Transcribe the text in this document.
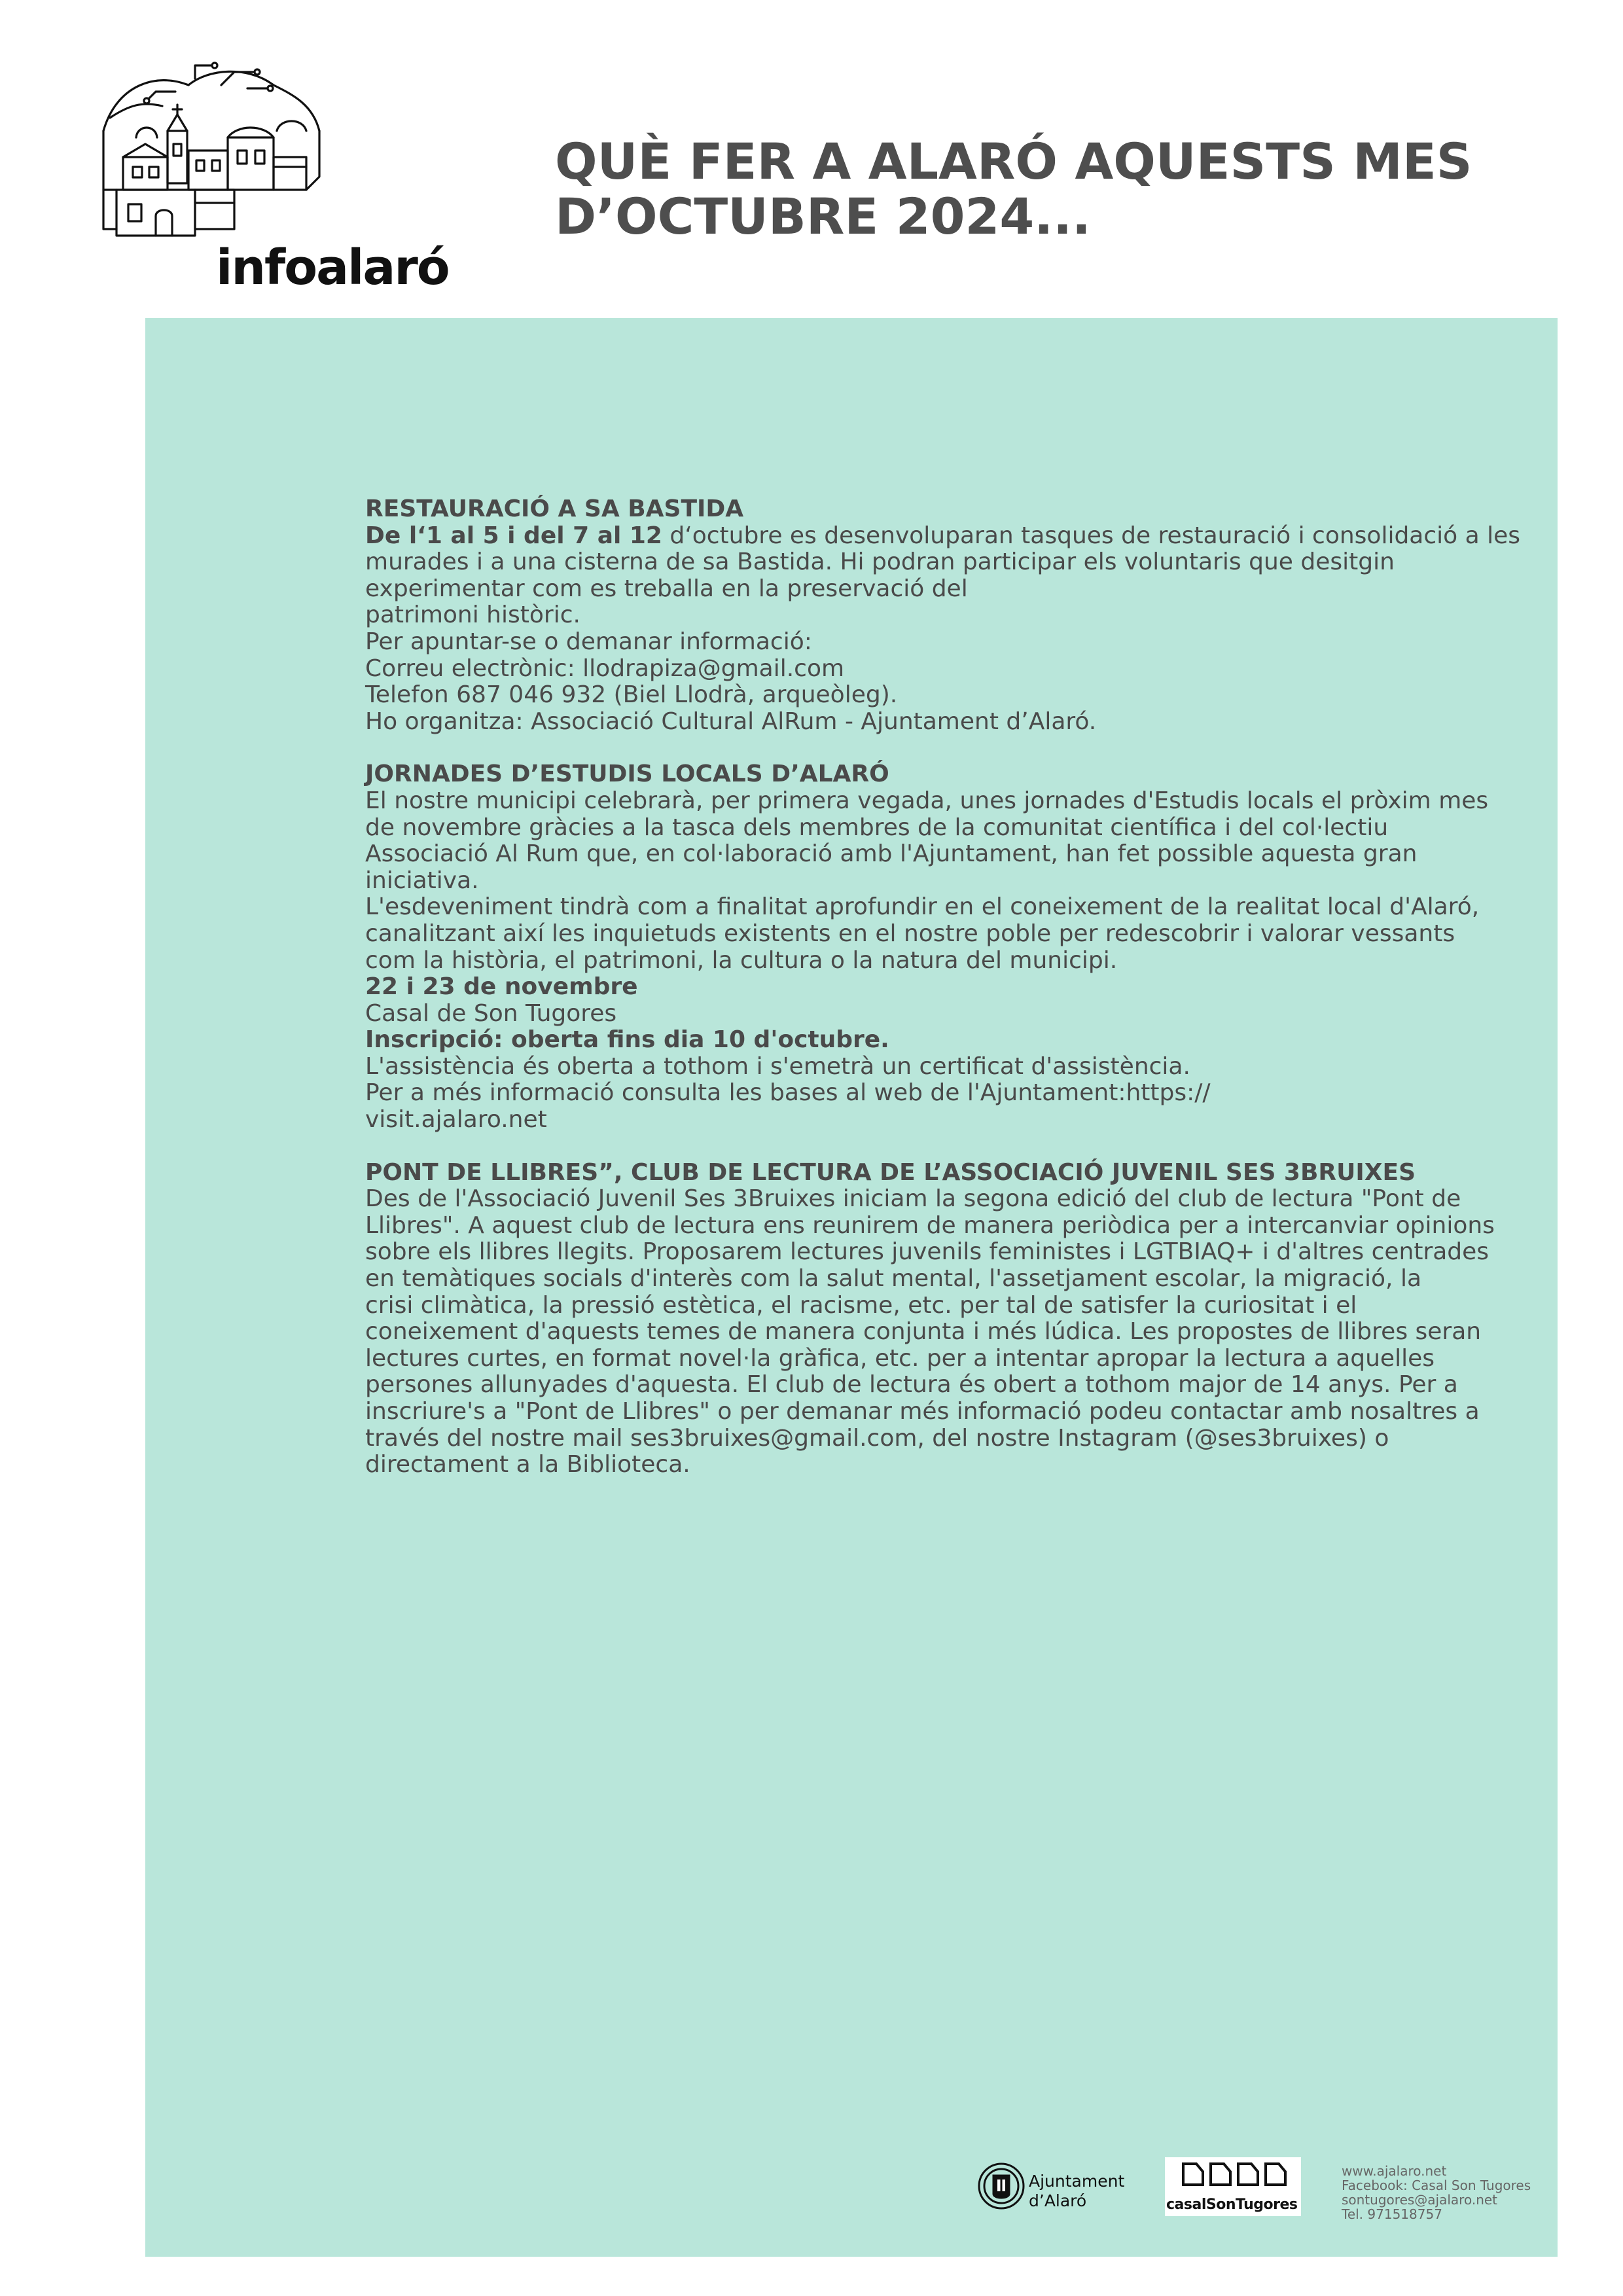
infoalaró
QUÈ FER A ALARÓ AQUESTS MES
D’OCTUBRE 2024...
RESTAURACIÓ A SA BASTIDA
De l‘1 al 5 i del 7 al 12 d‘octubre es desenvoluparan tasques de restauració i consolidació a les
murades i a una cisterna de sa Bastida. Hi podran participar els voluntaris que desitgin
experimentar com es treballa en la preservació del
patrimoni històric.
Per apuntar-se o demanar informació:
Correu electrònic: llodrapiza@gmail.com
Telefon 687 046 932 (Biel Llodrà, arqueòleg).
Ho organitza: Associació Cultural AlRum - Ajuntament d’Alaró.
JORNADES D’ESTUDIS LOCALS D’ALARÓ
El nostre municipi celebrarà, per primera vegada, unes jornades d'Estudis locals el pròxim mes
de novembre gràcies a la tasca dels membres de la comunitat científica i del col·lectiu
Associació Al Rum que, en col·laboració amb l'Ajuntament, han fet possible aquesta gran
iniciativa.
L'esdeveniment tindrà com a finalitat aprofundir en el coneixement de la realitat local d'Alaró,
canalitzant així les inquietuds existents en el nostre poble per redescobrir i valorar vessants
com la història, el patrimoni, la cultura o la natura del municipi.
22 i 23 de novembre
Casal de Son Tugores
Inscripció: oberta fins dia 10 d'octubre.
L'assistència és oberta a tothom i s'emetrà un certificat d'assistència.
Per a més informació consulta les bases al web de l'Ajuntament:https://
visit.ajalaro.net
PONT DE LLIBRES”, CLUB DE LECTURA DE L’ASSOCIACIÓ JUVENIL SES 3BRUIXES
Des de l'Associació Juvenil Ses 3Bruixes iniciam la segona edició del club de lectura "Pont de
Llibres". A aquest club de lectura ens reunirem de manera periòdica per a intercanviar opinions
sobre els llibres llegits. Proposarem lectures juvenils feministes i LGTBIAQ+ i d'altres centrades
en temàtiques socials d'interès com la salut mental, l'assetjament escolar, la migració, la
crisi climàtica, la pressió estètica, el racisme, etc. per tal de satisfer la curiositat i el
coneixement d'aquests temes de manera conjunta i més lúdica. Les propostes de llibres seran
lectures curtes, en format novel·la gràfica, etc. per a intentar apropar la lectura a aquelles
persones allunyades d'aquesta. El club de lectura és obert a tothom major de 14 anys. Per a
inscriure's a "Pont de Llibres" o per demanar més informació podeu contactar amb nosaltres a
través del nostre mail ses3bruixes@gmail.com, del nostre Instagram (@ses3bruixes) o
directament a la Biblioteca.
Ajuntament
d’Alaró	casalSonTugores
www.ajalaro.net
Facebook: Casal Son Tugores
sontugores@ajalaro.net
Tel. 971518757
